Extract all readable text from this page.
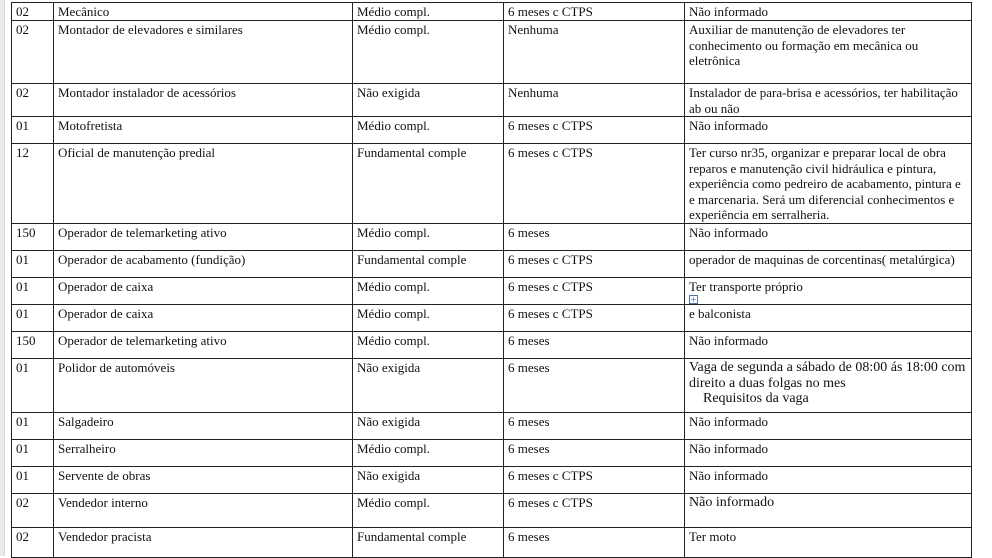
02	Mecânico	Médio compl.	6 meses c CTPS	Não informado
02	Montador de elevadores e similares	Médio compl.	Nenhuma	Auxiliar de manutenção de elevadores ter conhecimento ou formação em mecânica ou eletrônica
02	Montador instalador de acessórios	Não exigida	Nenhuma	Instalador de para-brisa e acessórios, ter habilitação ab ou não
01	Motofretista	Médio compl.	6 meses c CTPS	Não informado
12	Oficial de manutenção predial	Fundamental comple	6 meses c CTPS	Ter curso nr35, organizar e preparar local de obra reparos e manutenção civil hidráulica e pintura, experiência como pedreiro de acabamento, pintura e e marcenaria. Será um diferencial conhecimentos e experiência em serralheria.
150	Operador de telemarketing ativo	Médio compl.	6 meses	Não informado
01	Operador de acabamento (fundição)	Fundamental comple	6 meses c CTPS	operador de maquinas de corcentinas( metalúrgica)
01	Operador de caixa	Médio compl.	6 meses c CTPS	Ter transporte próprio
+

01	Operador de caixa	Médio compl.	6 meses c CTPS	e balconista
150	Operador de telemarketing ativo	Médio compl.	6 meses	Não informado
01	Polidor de automóveis	Não exigida	6 meses	Vaga de segunda a sábado de 08:00 ás 18:00 com direito a duas folgas no mes
Requisitos da vaga
01	Salgadeiro	Não exigida	6 meses	Não informado
01	Serralheiro	Médio compl.	6 meses	Não informado
01	Servente de obras	Não exigida	6 meses c CTPS	Não informado
02	Vendedor interno	Médio compl.	6 meses c CTPS	Não informado
02	Vendedor pracista	Fundamental comple	6 meses	Ter moto
